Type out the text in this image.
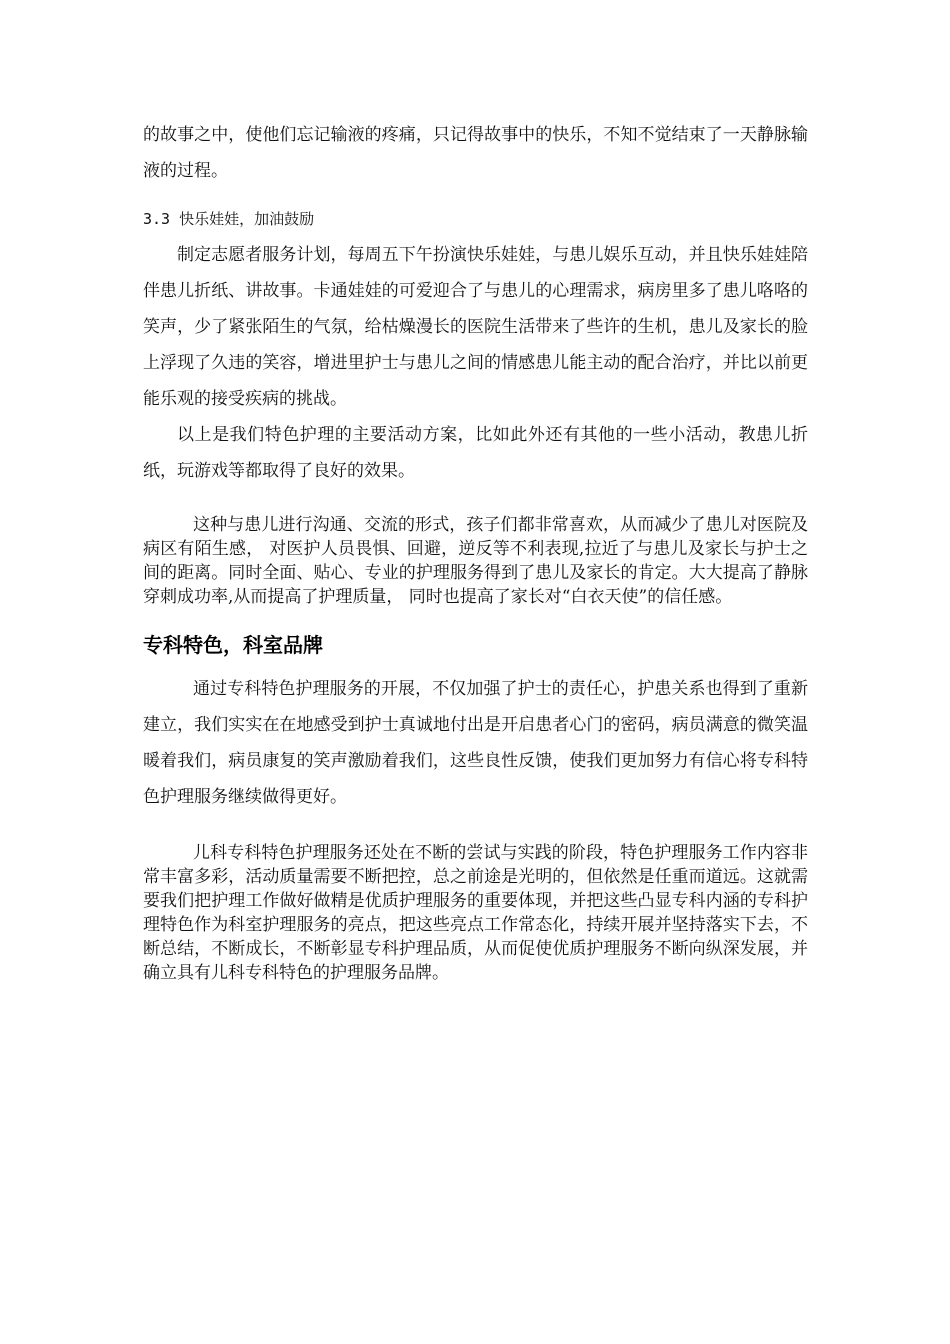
的故事之中，使他们忘记输液的疼痛，只记得故事中的快乐，不知不觉结束了一天静脉输液的过程。

3.3 快乐娃娃，加油鼓励

制定志愿者服务计划，每周五下午扮演快乐娃娃，与患儿娱乐互动，并且快乐娃娃陪伴患儿折纸、讲故事。卡通娃娃的可爱迎合了与患儿的心理需求，病房里多了患儿咯咯的笑声，少了紧张陌生的气氛，给枯燥漫长的医院生活带来了些许的生机，患儿及家长的脸上浮现了久违的笑容，增进里护士与患儿之间的情感患儿能主动的配合治疗，并比以前更能乐观的接受疾病的挑战。

以上是我们特色护理的主要活动方案，比如此外还有其他的一些小活动，教患儿折纸，玩游戏等都取得了良好的效果。

这种与患儿进行沟通、交流的形式，孩子们都非常喜欢，从而减少了患儿对医院及病区有陌生感， 对医护人员畏惧、回避，逆反等不利表现,拉近了与患儿及家长与护士之间的距离。同时全面、贴心、专业的护理服务得到了患儿及家长的肯定。大大提高了静脉穿刺成功率,从而提高了护理质量， 同时也提高了家长对“白衣天使”的信任感。

专科特色，科室品牌

通过专科特色护理服务的开展，不仅加强了护士的责任心，护患关系也得到了重新建立，我们实实在在地感受到护士真诚地付出是开启患者心门的密码，病员满意的微笑温暖着我们，病员康复的笑声激励着我们，这些良性反馈，使我们更加努力有信心将专科特色护理服务继续做得更好。

儿科专科特色护理服务还处在不断的尝试与实践的阶段，特色护理服务工作内容非常丰富多彩，活动质量需要不断把控，总之前途是光明的，但依然是任重而道远。这就需要我们把护理工作做好做精是优质护理服务的重要体现，并把这些凸显专科内涵的专科护理特色作为科室护理服务的亮点，把这些亮点工作常态化，持续开展并坚持落实下去，不断总结，不断成长，不断彰显专科护理品质，从而促使优质护理服务不断向纵深发展，并确立具有儿科专科特色的护理服务品牌。
